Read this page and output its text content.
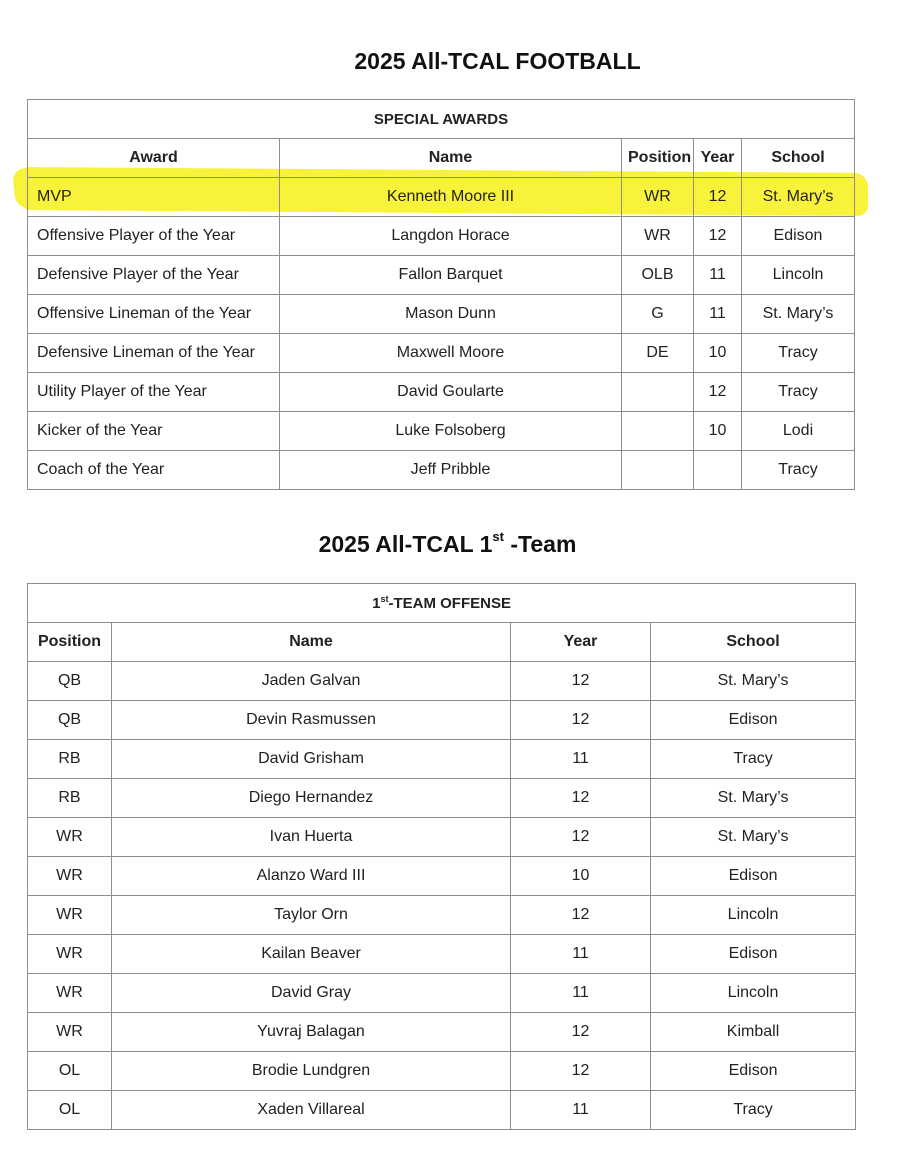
2025 All-TCAL FOOTBALL
SPECIAL AWARDS				
Award	Name	Position	Year	School
MVP	Kenneth Moore III	WR	12	St. Mary’s
Offensive Player of the Year	Langdon Horace	WR	12	Edison
Defensive Player of the Year	Fallon Barquet	OLB	11	Lincoln
Offensive Lineman of the Year	Mason Dunn	G	11	St. Mary’s
Defensive Lineman of the Year	Maxwell Moore	DE	10	Tracy
Utility Player of the Year	David Goularte		12	Tracy
Kicker of the Year	Luke Folsoberg		10	Lodi
Coach of the Year	Jeff Pribble			Tracy
2025 All-TCAL 1st -Team
1st-TEAM OFFENSE			
Position	Name	Year	School
QB	Jaden Galvan	12	St. Mary’s
QB	Devin Rasmussen	12	Edison
RB	David Grisham	11	Tracy
RB	Diego Hernandez	12	St. Mary’s
WR	Ivan Huerta	12	St. Mary’s
WR	Alanzo Ward III	10	Edison
WR	Taylor Orn	12	Lincoln
WR	Kailan Beaver	11	Edison
WR	David Gray	11	Lincoln
WR	Yuvraj Balagan	12	Kimball
OL	Brodie Lundgren	12	Edison
OL	Xaden Villareal	11	Tracy
